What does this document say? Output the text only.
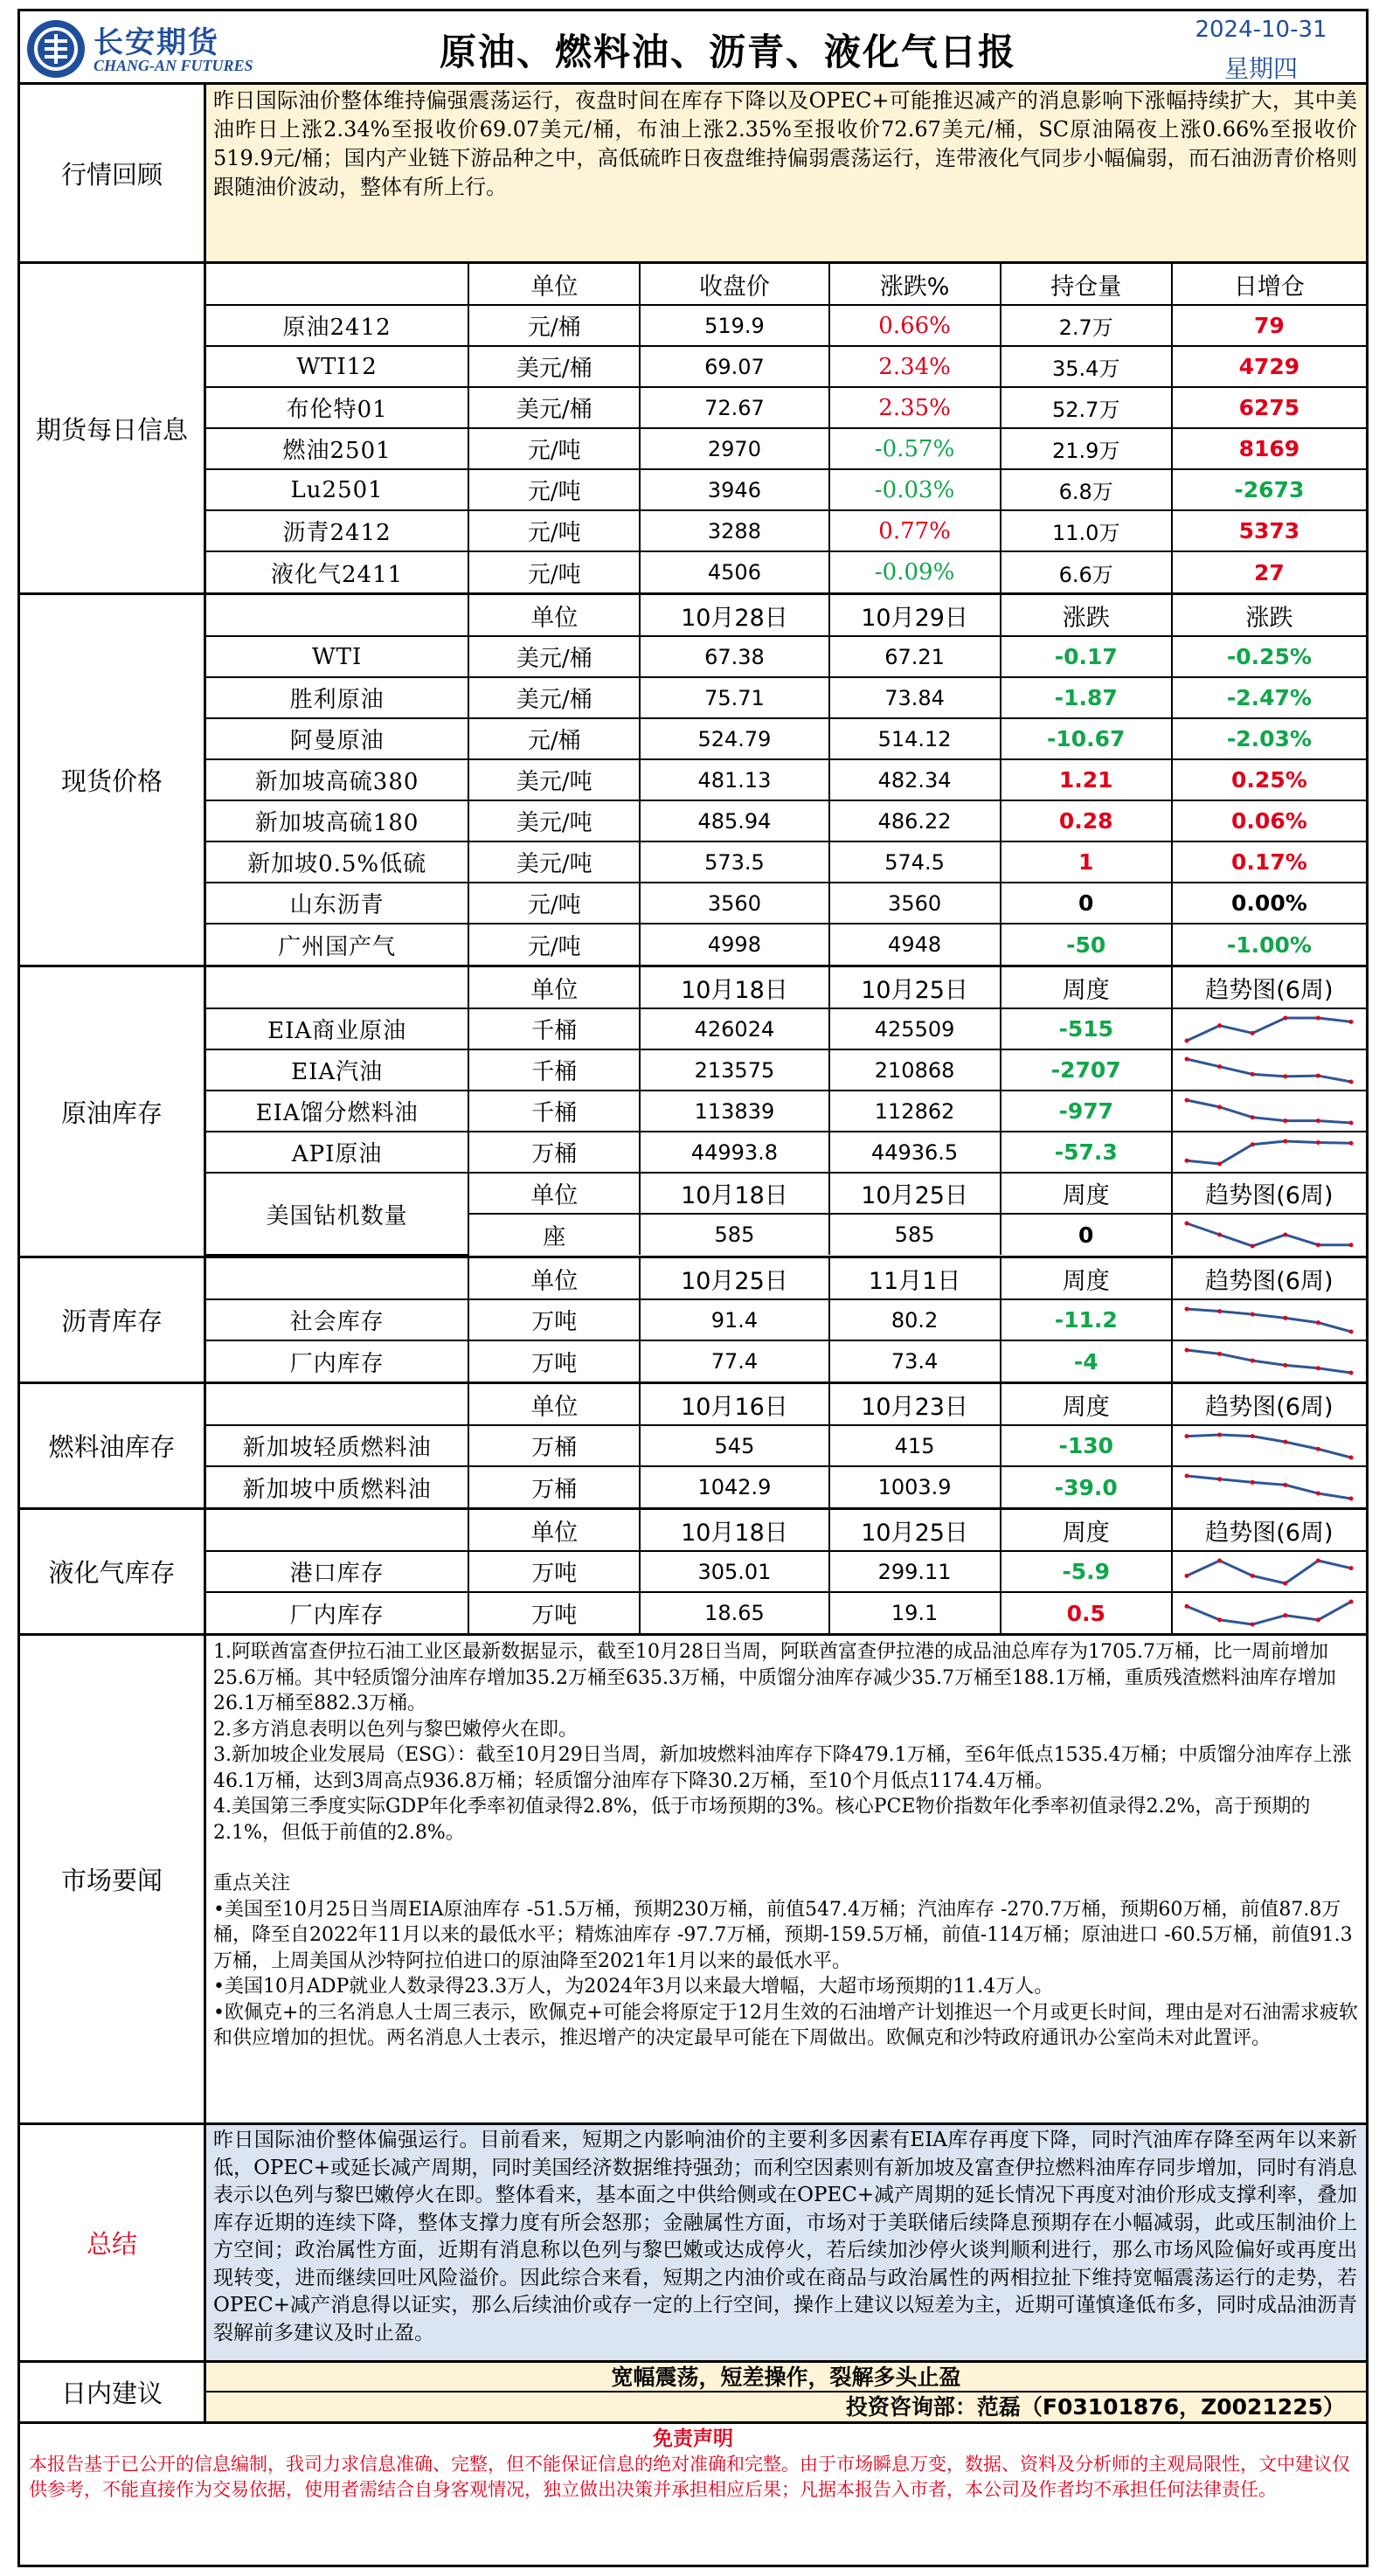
长安期货
CHANG-AN FUTURES	原油、燃料油、沥青、液化气日报
2024-10-31
星期四
行情回顾
昨日国际油价整体维持偏强震荡运行，夜盘时间在库存下降以及OPEC+可能推迟减产的消息影响下涨幅持续扩大，其中美油昨日上涨2.34%至报收价69.07美元/桶，布油上涨2.35%至报收价72.67美元/桶，SC原油隔夜上涨0.66%至报收价519.9元/桶；国内产业链下游品种之中，高低硫昨日夜盘维持偏弱震荡运行，连带液化气同步小幅偏弱，而石油沥青价格则跟随油价波动，整体有所上行。
期货每日信息
	单位	收盘价	涨跌%	持仓量	日增仓
原油2412	元/桶	519.9	0.66%	2.7万	79
WTI12	美元/桶	69.07	2.34%	35.4万	4729
布伦特01	美元/桶	72.67	2.35%	52.7万	6275
燃油2501	元/吨	2970	-0.57%	21.9万	8169
Lu2501	元/吨	3946	-0.03%	6.8万	-2673
沥青2412	元/吨	3288	0.77%	11.0万	5373
液化气2411	元/吨	4506	-0.09%	6.6万	27
现货价格
	单位	10月28日	10月29日	涨跌	涨跌
WTI	美元/桶	67.38	67.21	-0.17	-0.25%
胜利原油	美元/桶	75.71	73.84	-1.87	-2.47%
阿曼原油	元/桶	524.79	514.12	-10.67	-2.03%
新加坡高硫380	美元/吨	481.13	482.34	1.21	0.25%
新加坡高硫180	美元/吨	485.94	486.22	0.28	0.06%
新加坡0.5%低硫	美元/吨	573.5	574.5	1	0.17%
山东沥青	元/吨	3560	3560	0	0.00%
广州国产气	元/吨	4998	4948	-50	-1.00%
原油库存
	单位	10月18日	10月25日	周度	趋势图(6周)
EIA商业原油	千桶	426024	425509	-515	

EIA汽油	千桶	213575	210868	-2707	

EIA馏分燃料油	千桶	113839	112862	-977	

API原油	万桶	44993.8	44936.5	-57.3	

美国钻机数量	单位	10月18日	10月25日	周度	趋势图(6周)
	座	585	585	0	
沥青库存
	单位	10月25日	11月1日	周度	趋势图(6周)
社会库存	万吨	91.4	80.2	-11.2	

厂内库存	万吨	77.4	73.4	-4	
燃料油库存
	单位	10月16日	10月23日	周度	趋势图(6周)
新加坡轻质燃料油	万桶	545	415	-130	

新加坡中质燃料油	万桶	1042.9	1003.9	-39.0	
液化气库存
	单位	10月18日	10月25日	周度	趋势图(6周)
港口库存	万吨	305.01	299.11	-5.9	

厂内库存	万吨	18.65	19.1	0.5	
市场要闻

1.阿联酋富查伊拉石油工业区最新数据显示，截至10月28日当周，阿联酋富查伊拉港的成品油总库存为1705.7万桶，比一周前增加25.6万桶。其中轻质馏分油库存增加35.2万桶至635.3万桶，中质馏分油库存减少35.7万桶至188.1万桶，重质残渣燃料油库存增加26.1万桶至882.3万桶。

2.多方消息表明以色列与黎巴嫩停火在即。

3.新加坡企业发展局（ESG）：截至10月29日当周，新加坡燃料油库存下降479.1万桶，至6年低点1535.4万桶；中质馏分油库存上涨46.1万桶，达到3周高点936.8万桶；轻质馏分油库存下降30.2万桶，至10个月低点1174.4万桶。

4.美国第三季度实际GDP年化季率初值录得2.8%，低于市场预期的3%。核心PCE物价指数年化季率初值录得2.2%，高于预期的2.1%，但低于前值的2.8%。

重点关注

•美国至10月25日当周EIA原油库存 -51.5万桶，预期230万桶，前值547.4万桶；汽油库存 -270.7万桶，预期60万桶，前值87.8万桶，降至自2022年11月以来的最低水平；精炼油库存 -97.7万桶，预期-159.5万桶，前值-114万桶；原油进口 -60.5万桶，前值91.3万桶，上周美国从沙特阿拉伯进口的原油降至2021年1月以来的最低水平。

•美国10月ADP就业人数录得23.3万人，为2024年3月以来最大增幅，大超市场预期的11.4万人。

•欧佩克+的三名消息人士周三表示，欧佩克+可能会将原定于12月生效的石油增产计划推迟一个月或更长时间，理由是对石油需求疲软和供应增加的担忧。两名消息人士表示，推迟增产的决定最早可能在下周做出。欧佩克和沙特政府通讯办公室尚未对此置评。

总结
昨日国际油价整体偏强运行。目前看来，短期之内影响油价的主要利多因素有EIA库存再度下降，同时汽油库存降至两年以来新低，OPEC+或延长减产周期，同时美国经济数据维持强劲；而利空因素则有新加坡及富查伊拉燃料油库存同步增加，同时有消息表示以色列与黎巴嫩停火在即。整体看来，基本面之中供给侧或在OPEC+减产周期的延长情况下再度对油价形成支撑利率，叠加库存近期的连续下降，整体支撑力度有所会怒那；金融属性方面，市场对于美联储后续降息预期存在小幅减弱，此或压制油价上方空间；政治属性方面，近期有消息称以色列与黎巴嫩或达成停火，若后续加沙停火谈判顺利进行，那么市场风险偏好或再度出现转变，进而继续回吐风险溢价。因此综合来看，短期之内油价或在商品与政治属性的两相拉扯下维持宽幅震荡运行的走势，若OPEC+减产消息得以证实，那么后续油价或存一定的上行空间，操作上建议以短差为主，近期可谨慎逢低布多，同时成品油沥青裂解前多建议及时止盈。
日内建议
宽幅震荡，短差操作，裂解多头止盈
投资咨询部：范磊（F03101876，Z0021225）
免责声明
本报告基于已公开的信息编制，我司力求信息准确、完整，但不能保证信息的绝对准确和完整。由于市场瞬息万变，数据、资料及分析师的主观局限性，文中建议仅供参考，不能直接作为交易依据，使用者需结合自身客观情况，独立做出决策并承担相应后果；凡据本报告入市者，本公司及作者均不承担任何法律责任。
